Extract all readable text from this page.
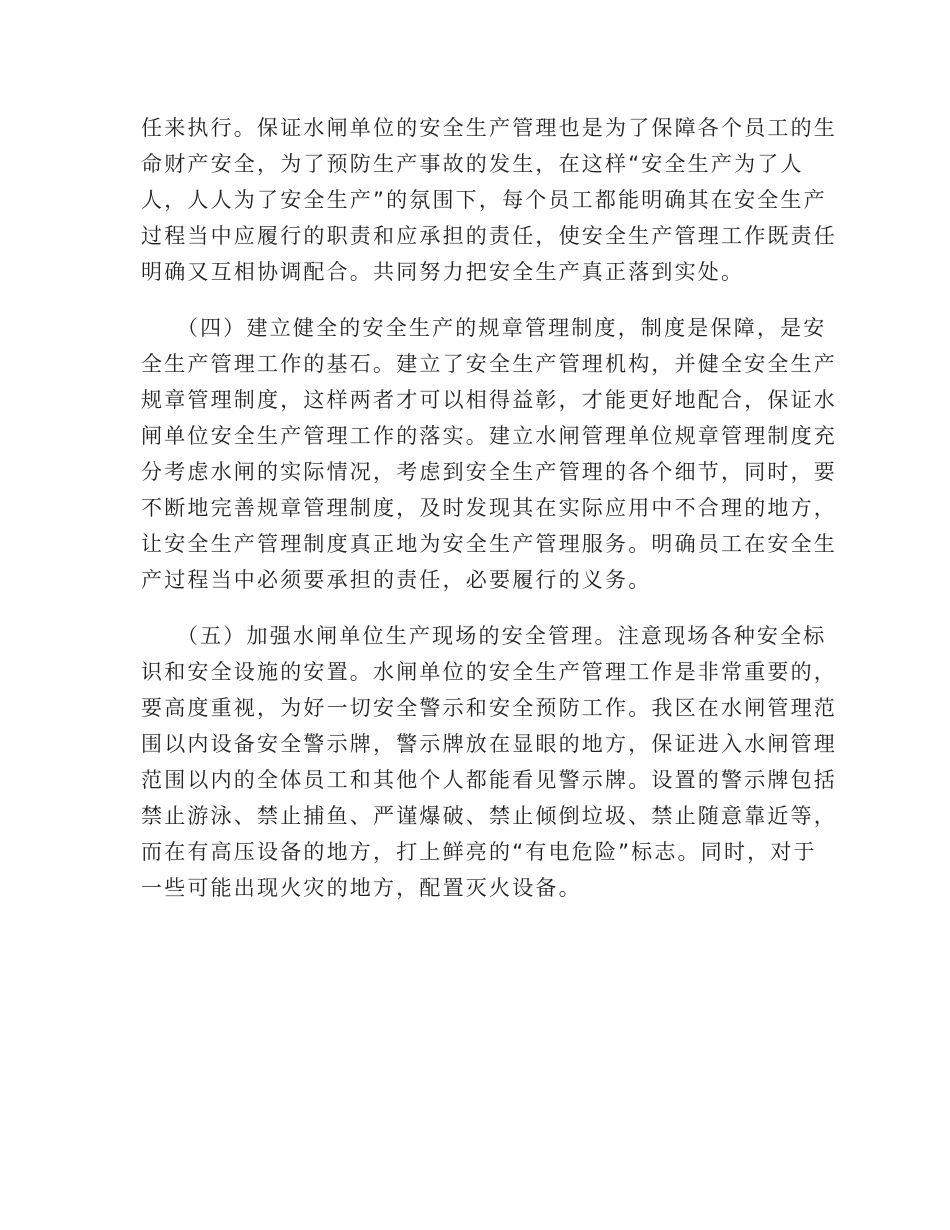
任来执行。保证水闸单位的安全生产管理也是为了保障各个员工的生
命财产安全，为了预防生产事故的发生，在这样“安全生产为了人
人，人人为了安全生产”的氛围下，每个员工都能明确其在安全生产
过程当中应履行的职责和应承担的责任，使安全生产管理工作既责任
明确又互相协调配合。共同努力把安全生产真正落到实处。
　　（四）建立健全的安全生产的规章管理制度，制度是保障，是安
全生产管理工作的基石。建立了安全生产管理机构，并健全安全生产
规章管理制度，这样两者才可以相得益彰，才能更好地配合，保证水
闸单位安全生产管理工作的落实。建立水闸管理单位规章管理制度充
分考虑水闸的实际情况，考虑到安全生产管理的各个细节，同时，要
不断地完善规章管理制度，及时发现其在实际应用中不合理的地方，
让安全生产管理制度真正地为安全生产管理服务。明确员工在安全生
产过程当中必须要承担的责任，必要履行的义务。
　　（五）加强水闸单位生产现场的安全管理。注意现场各种安全标
识和安全设施的安置。水闸单位的安全生产管理工作是非常重要的，
要高度重视，为好一切安全警示和安全预防工作。我区在水闸管理范
围以内设备安全警示牌，警示牌放在显眼的地方，保证进入水闸管理
范围以内的全体员工和其他个人都能看见警示牌。设置的警示牌包括
禁止游泳、禁止捕鱼、严谨爆破、禁止倾倒垃圾、禁止随意靠近等，
而在有高压设备的地方，打上鲜亮的“有电危险”标志。同时，对于
一些可能出现火灾的地方，配置灭火设备。
